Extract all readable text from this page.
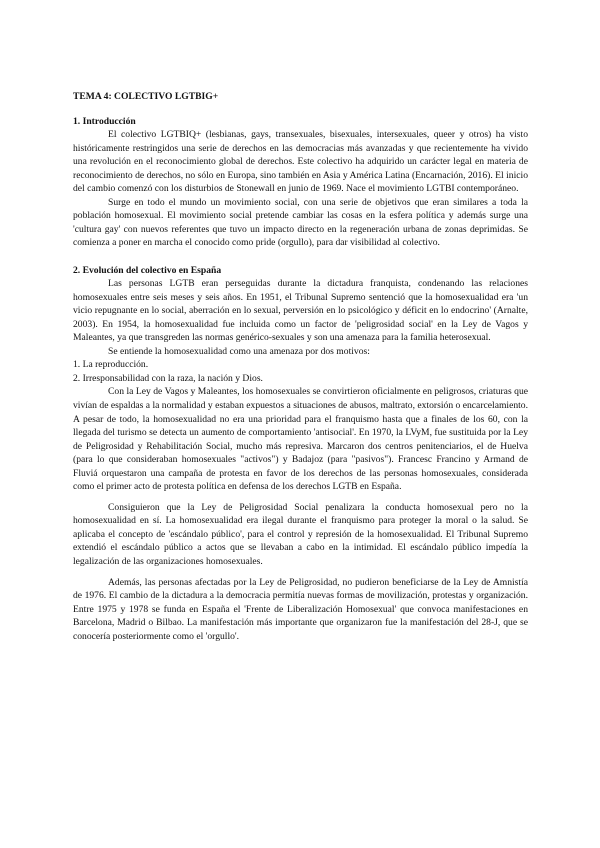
TEMA 4: COLECTIVO LGTBIG+

1. Introducción

El colectivo LGTBIQ+ (lesbianas, gays, transexuales, bisexuales, intersexuales, queer y otros) ha visto históricamente restringidos una serie de derechos en las democracias más avanzadas y que recientemente ha vivido una revolución en el reconocimiento global de derechos. Este colectivo ha adquirido un carácter legal en materia de reconocimiento de derechos, no sólo en Europa, sino también en Asia y América Latina (Encarnación, 2016). El inicio del cambio comenzó con los disturbios de Stonewall en junio de 1969. Nace el movimiento LGTBI contemporáneo.

Surge en todo el mundo un movimiento social, con una serie de objetivos que eran similares a toda la población homosexual. El movimiento social pretende cambiar las cosas en la esfera política y además surge una 'cultura gay' con nuevos referentes que tuvo un impacto directo en la regeneración urbana de zonas deprimidas. Se comienza a poner en marcha el conocido como pride (orgullo), para dar visibilidad al colectivo.

2. Evolución del colectivo en España

Las personas LGTB eran perseguidas durante la dictadura franquista, condenando las relaciones homosexuales entre seis meses y seis años. En 1951, el Tribunal Supremo sentenció que la homosexualidad era 'un vicio repugnante en lo social, aberración en lo sexual, perversión en lo psicológico y déficit en lo endocrino' (Arnalte, 2003). En 1954, la homosexualidad fue incluida como un factor de 'peligrosidad social' en la Ley de Vagos y Maleantes, ya que transgreden las normas genérico-sexuales y son una amenaza para la familia heterosexual.

Se entiende la homosexualidad como una amenaza por dos motivos:

1. La reproducción.

2. Irresponsabilidad con la raza, la nación y Dios.

Con la Ley de Vagos y Maleantes, los homosexuales se convirtieron oficialmente en peligrosos, criaturas que vivían de espaldas a la normalidad y estaban expuestos a situaciones de abusos, maltrato, extorsión o encarcelamiento. A pesar de todo, la homosexualidad no era una prioridad para el franquismo hasta que a finales de los 60, con la llegada del turismo se detecta un aumento de comportamiento 'antisocial'. En 1970, la LVyM, fue sustituida por la Ley de Peligrosidad y Rehabilitación Social, mucho más represiva. Marcaron dos centros penitenciarios, el de Huelva (para lo que consideraban homosexuales "activos") y Badajoz (para "pasivos"). Francesc Francino y Armand de Fluviá orquestaron una campaña de protesta en favor de los derechos de las personas homosexuales, considerada como el primer acto de protesta política en defensa de los derechos LGTB en España.

Consiguieron que la Ley de Peligrosidad Social penalizara la conducta homosexual pero no la homosexualidad en sí. La homosexualidad era ilegal durante el franquismo para proteger la moral o la salud. Se aplicaba el concepto de 'escándalo público', para el control y represión de la homosexualidad. El Tribunal Supremo extendió el escándalo público a actos que se llevaban a cabo en la intimidad. El escándalo público impedía la legalización de las organizaciones homosexuales.

Además, las personas afectadas por la Ley de Peligrosidad, no pudieron beneficiarse de la Ley de Amnistía de 1976. El cambio de la dictadura a la democracia permitía nuevas formas de movilización, protestas y organización. Entre 1975 y 1978 se funda en España el 'Frente de Liberalización Homosexual' que convoca manifestaciones en Barcelona, Madrid o Bilbao. La manifestación más importante que organizaron fue la manifestación del 28-J, que se conocería posteriormente como el 'orgullo'.
